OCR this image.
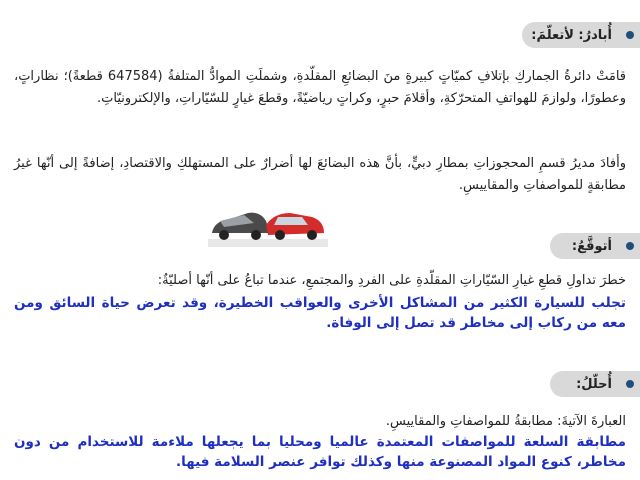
أُبادرُ: لأتعلّمَ:
قامَتْ دائرةُ الجماركِ بإتلافِ كميّاتٍ كبيرةٍ منَ البضائعِ المقلّدةِ، وشملَتِ الموادُّ المتلفةُ (647584 قطعةً)؛ نظاراتٍ، وعطورًا، ولوازمَ للهواتفِ المتحرّكةِ، وأقلامَ حبرٍ، وكراتٍ رياضيّةً، وقطعَ غيارٍ للسّيّاراتِ، والإلكترونيّاتِ.
وأفادَ مديرُ قسمِ المحجوزاتِ بمطارِ دبيٍّ، بأنَّ هذه البضائعَ لها أضرارٌ على المستهلكِ والاقتصادِ، إضافةً إلى أنّها غيرُ مطابقةٍ للمواصفاتِ والمقاييسِ.
أتوقَّعُ:
خطرَ تداولِ قطعِ غيارِ السّيّاراتِ المقلّدةِ على الفردِ والمجتمعِ، عندما تباعُ على أنّها أصليّةٌ:
تجلب للسيارة الكثير من المشاكل الأخرى والعواقب الخطيرة، وقد تعرض حياة السائق ومن معه من ركاب إلى مخاطر قد تصل إلى الوفاة.
أُحلّلُ:
العبارةَ الآتيةَ: مطابقةُ للمواصفاتِ والمقاييسِ.
مطابقة السلعة للمواصفات المعتمدة عالميا ومحليا بما يجعلها ملاءمة للاستخدام من دون مخاطر، كنوع المواد المصنوعة منها وكذلك توافر عنصر السلامة فيها.
